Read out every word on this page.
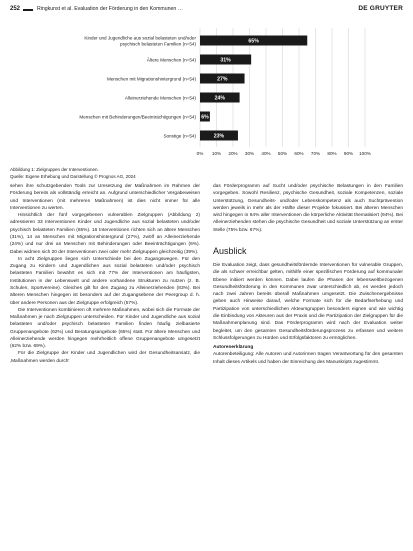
252	Ringkunst et al. Evaluation der Förderung in den Kommunen …	DE GRUYTER
0% 10% 20% 30% 40% 50% 60% 70% 80% 90% 100%
Kinder und Jugendliche aus sozial belasteten und/oder
psychisch belasteten Familien (n=54)	65%
Ältere Menschen (n=54)	31%
Menschen mit Migrationshintergrund (n=54)	27%
Alleinerziehende Menschen (n=54)	24%
Menschen mit Behinderungen/Beeinträchtigungen (n=54) 6%
Sonstige (n=54)	23%
Abbildung 1: Zielgruppen der Interventionen.
Quelle: Eigene Erhebung und Darstellung © Prognos AG, 2024

sehen ihre schutzgebenden Tools zur Umsetzung der Maßnahmen im Rahmen der Förderung bereits als vollständig erreicht an. Aufgrund unterschiedlicher Vergabeweisen und Interventionen (mit mehreren Maßnahmen) ist dies nicht immer für alle Interventionen zu werten.

Hinsichtlich der fünf vorgegebenen vulnerablen Zielgruppen (Abbildung 2) adressieren 33 Interventionen Kinder und Jugendliche aus sozial belasteten und/oder psychisch belasteten Familien (65%). 16 Interventionen richten sich an ältere Menschen (31%), 14 an Menschen mit Migrationshintergrund (27%), zwölf an Alleinerziehende (24%) und nur drei an Menschen mit Behinderungen oder Beeinträchtigungen (6%). Dabei widmen sich 20 der Interventionen zwei oder mehr Zielgruppen gleichzeitig (39%).

In acht Zielgruppen liegen sich Unterschiede bei den Zugangswegen. Für den Zugang zu Kindern und Jugendlichen aus sozial belasteten und/oder psychisch belasteten Familien bewährt es sich mit 77% der Interventionen am häufigsten, Institutionen in der Lebenswelt und andere vorhandene Strukturen zu nutzen (z. B. Schulen, Sportvereine). Gleiches gilt für den Zugang zu Alleinerziehenden (83%). Bei älteren Menschen hingegen ist besonders auf der Zugangsebene der Peergroup d. h. über andere Personen aus der Zielgruppe erfolgreich (57%).

Die Interventionen kombinieren oft mehrere Maßnahmen, wobei sich die Formate der Maßnahmen je nach Zielgruppen unterscheiden. Für Kinder und Jugendliche aus sozial belasteten und/oder psychisch belasteten Familien finden häufig zielbasierte Gruppenangebote (62%) und Beratungsangebote (65%) statt. Für ältere Menschen und Alleinerziehende werden hingegen mehrheitlich offene Gruppenangebote umgesetzt (62% bzw. 69%).

Für die Zielgruppe der Kinder und Jugendlichen wird der Gesundheitsansatz, die ‚Maßnahmen werden durch‘

das Förderprogramm auf Sucht und/oder psychische Belastungen in den Familien vorgegeben. Sowohl Resilienz, psychische Gesundheit, soziale Kompetenzen, soziale Unterstützung, Gesundheits- und/oder Lebenskompetenz als auch Suchtprävention werden jeweils in mehr als der Hälfte dieser Projekte fokussiert. Bei älteren Menschen wird hingegen in 64% aller Interventionen die körperliche Aktivität thematisiert (94%). Bei Alleinerziehenden stehen die psychische Gesundheit und soziale Unterstützung an erster Stelle (75% bzw. 67%).

Ausblick

Die Evaluation zeigt, dass gesundheitsfördernde Interventionen für vulnerable Gruppen, die als schwer erreichbar gelten, mithilfe einer spezifischen Förderung auf kommunaler Ebene initiiert werden können. Dabei laufen die Phasen der lebensweltbezogenen Gesundheitsförderung in den Kommunen zwar unterschiedlich ab, es werden jedoch nach zwei Jahren bereits überall Maßnahmen umgesetzt. Die Zwischenergebnisse geben auch Hinweise darauf, welche Formate sich für die Bedarfserhebung und Partizipation von unterschiedlichen Akteursgruppen besonders eignen und wie wichtig die Einbindung von Akteuren aus der Praxis und die Partizipation der Zielgruppen für die Maßnahmenplanung sind. Das Förderprogramm wird nach der Evaluation weiter begleitet, um den gesamten Gesundheitsförderungsprozess zu erfassen und weitere Schlussfolgerungen zu Hürden und Erfolgsfaktoren zu ermöglichen.

Autorenerklärung

Autorenbeteiligung: Alle Autoren und Autorinnen tragen Verantwortung für den gesamten Inhalt dieses Artikels und haben der Einreichung des Manuskripts zugestimmt.
